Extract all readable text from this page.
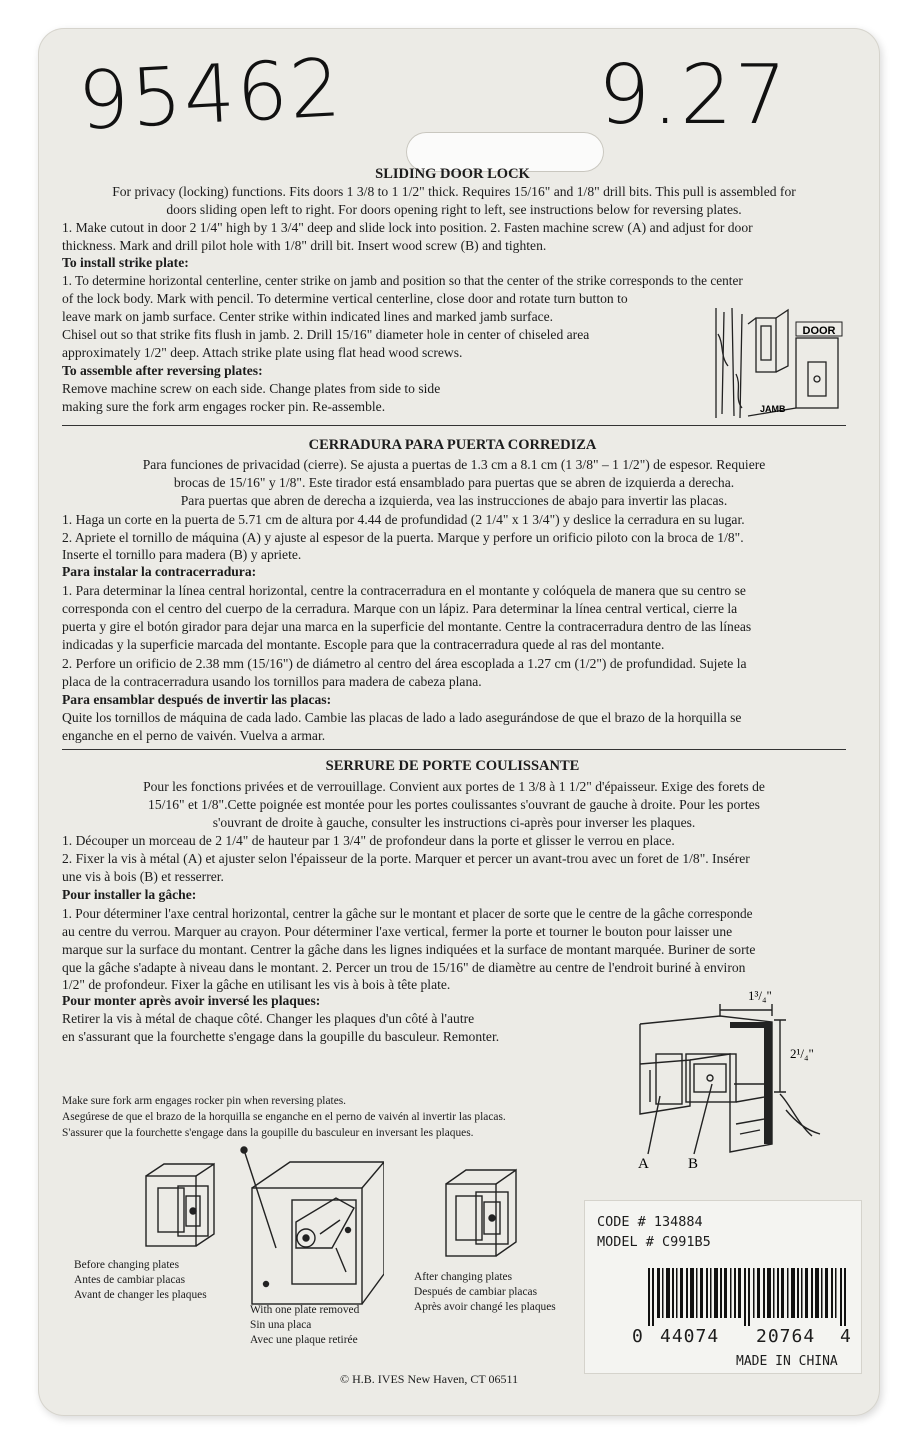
95462	9.27
SLIDING DOOR LOCK
For privacy (locking) functions. Fits doors 1 3/8 to 1 1/2" thick. Requires 15/16" and 1/8" drill bits. This pull is assembled for
doors sliding open left to right. For doors opening right to left, see instructions below for reversing plates.
1. Make cutout in door 2 1/4" high by 1 3/4" deep and slide lock into position. 2. Fasten machine screw (A) and adjust for door
thickness. Mark and drill pilot hole with 1/8" drill bit. Insert wood screw (B) and tighten.
To install strike plate:
1. To determine horizontal centerline, center strike on jamb and position so that the center of the strike corresponds to the center
of the lock body. Mark with pencil. To determine vertical centerline, close door and rotate turn button to
leave mark on jamb surface. Center strike within indicated lines and marked jamb surface.
Chisel out so that strike fits flush in jamb. 2. Drill 15/16" diameter hole in center of chiseled area
approximately 1/2" deep. Attach strike plate using flat head wood screws.
To assemble after reversing plates:
Remove machine screw on each side. Change plates from side to side
making sure the fork arm engages rocker pin. Re-assemble.
DOOR
JAMB
CERRADURA PARA PUERTA CORREDIZA
Para funciones de privacidad (cierre). Se ajusta a puertas de 1.3 cm a 8.1 cm (1 3/8" – 1 1/2") de espesor. Requiere
brocas de 15/16" y 1/8". Este tirador está ensamblado para puertas que se abren de izquierda a derecha.
Para puertas que abren de derecha a izquierda, vea las instrucciones de abajo para invertir las placas.
1. Haga un corte en la puerta de 5.71 cm de altura por 4.44 de profundidad (2 1/4" x 1 3/4") y deslice la cerradura en su lugar.
2. Apriete el tornillo de máquina (A) y ajuste al espesor de la puerta. Marque y perfore un orificio piloto con la broca de 1/8".
Inserte el tornillo para madera (B) y apriete.
Para instalar la contracerradura:
1. Para determinar la línea central horizontal, centre la contracerradura en el montante y colóquela de manera que su centro se
corresponda con el centro del cuerpo de la cerradura. Marque con un lápiz. Para determinar la línea central vertical, cierre la
puerta y gire el botón girador para dejar una marca en la superficie del montante. Centre la contracerradura dentro de las líneas
indicadas y la superficie marcada del montante. Escople para que la contracerradura quede al ras del montante.
2. Perfore un orificio de 2.38 mm (15/16") de diámetro al centro del área escoplada a 1.27 cm (1/2") de profundidad. Sujete la
placa de la contracerradura usando los tornillos para madera de cabeza plana.
Para ensamblar después de invertir las placas:
Quite los tornillos de máquina de cada lado. Cambie las placas de lado a lado asegurándose de que el brazo de la horquilla se
enganche en el perno de vaivén. Vuelva a armar.
SERRURE DE PORTE COULISSANTE
Pour les fonctions privées et de verrouillage. Convient aux portes de 1 3/8 à 1 1/2" d'épaisseur. Exige des forets de
15/16" et 1/8".Cette poignée est montée pour les portes coulissantes s'ouvrant de gauche à droite. Pour les portes
s'ouvrant de droite à gauche, consulter les instructions ci-après pour inverser les plaques.
1. Découper un morceau de 2 1/4" de hauteur par 1 3/4" de profondeur dans la porte et glisser le verrou en place.
2. Fixer la vis à métal (A) et ajuster selon l'épaisseur de la porte. Marquer et percer un avant-trou avec un foret de 1/8". Insérer
une vis à bois (B) et resserrer.
Pour installer la gâche:
1. Pour déterminer l'axe central horizontal, centrer la gâche sur le montant et placer de sorte que le centre de la gâche corresponde
au centre du verrou. Marquer au crayon. Pour déterminer l'axe vertical, fermer la porte et tourner le bouton pour laisser une
marque sur la surface du montant. Centrer la gâche dans les lignes indiquées et la surface de montant marquée. Buriner de sorte
que la gâche s'adapte à niveau dans le montant. 2. Percer un trou de 15/16" de diamètre au centre de l'endroit buriné à environ
1/2" de profondeur. Fixer la gâche en utilisant les vis à bois à tête plate.
Pour monter après avoir inversé les plaques:
Retirer la vis à métal de chaque côté. Changer les plaques d'un côté à l'autre
en s'assurant que la fourchette s'engage dans la goupille du basculeur. Remonter.
1³/₄"
2¹/₄"
A	B
Make sure fork arm engages rocker pin when reversing plates.
Asegúrese de que el brazo de la horquilla se enganche en el perno de vaivén al invertir las placas.
S'assurer que la fourchette s'engage dans la goupille du basculeur en inversant les plaques.
Before changing plates
Antes de cambiar placas
Avant de changer les plaques
With one plate removed
Sin una placa
Avec une plaque retirée
After changing plates
Después de cambiar placas
Après avoir changé les plaques
CODE # 134884
MODEL # C991B5
0 44074 20764 4
MADE IN CHINA
© H.B. IVES New Haven, CT 06511
